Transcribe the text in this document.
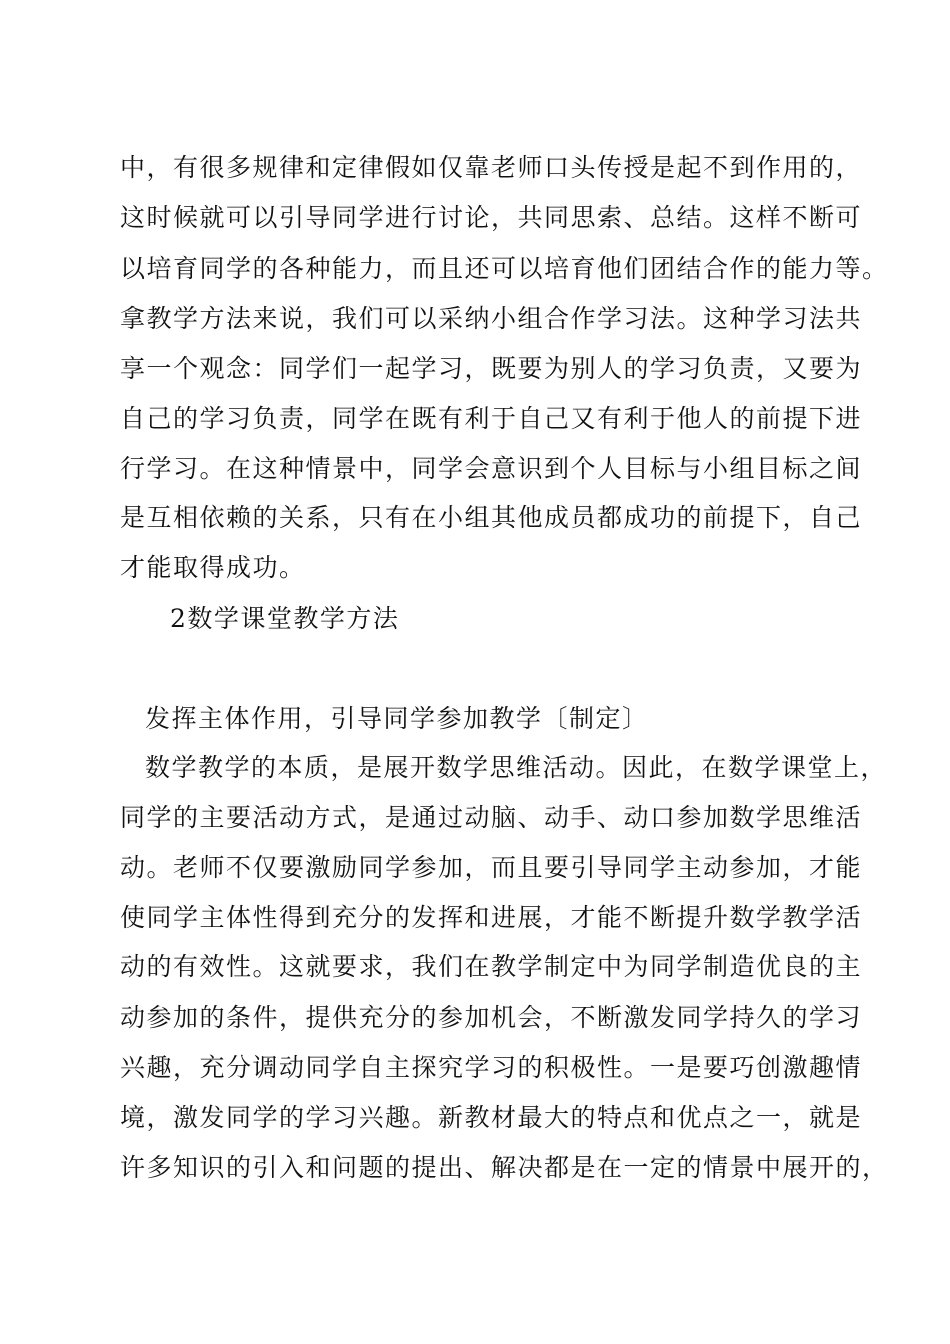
中，有很多规律和定律假如仅靠老师口头传授是起不到作用的，
这时候就可以引导同学进行讨论，共同思索、总结。这样不断可
以培育同学的各种能力，而且还可以培育他们团结合作的能力等。
拿教学方法来说，我们可以采纳小组合作学习法。这种学习法共
享一个观念：同学们一起学习，既要为别人的学习负责，又要为
自己的学习负责，同学在既有利于自己又有利于他人的前提下进
行学习。在这种情景中，同学会意识到个人目标与小组目标之间
是互相依赖的关系，只有在小组其他成员都成功的前提下，自己
才能取得成功。
2数学课堂教学方法
发挥主体作用，引导同学参加教学〔制定〕
数学教学的本质，是展开数学思维活动。因此，在数学课堂上，
同学的主要活动方式，是通过动脑、动手、动口参加数学思维活
动。老师不仅要激励同学参加，而且要引导同学主动参加，才能
使同学主体性得到充分的发挥和进展，才能不断提升数学教学活
动的有效性。这就要求，我们在教学制定中为同学制造优良的主
动参加的条件，提供充分的参加机会，不断激发同学持久的学习
兴趣，充分调动同学自主探究学习的积极性。一是要巧创激趣情
境，激发同学的学习兴趣。新教材最大的特点和优点之一，就是
许多知识的引入和问题的提出、解决都是在一定的情景中展开的，
